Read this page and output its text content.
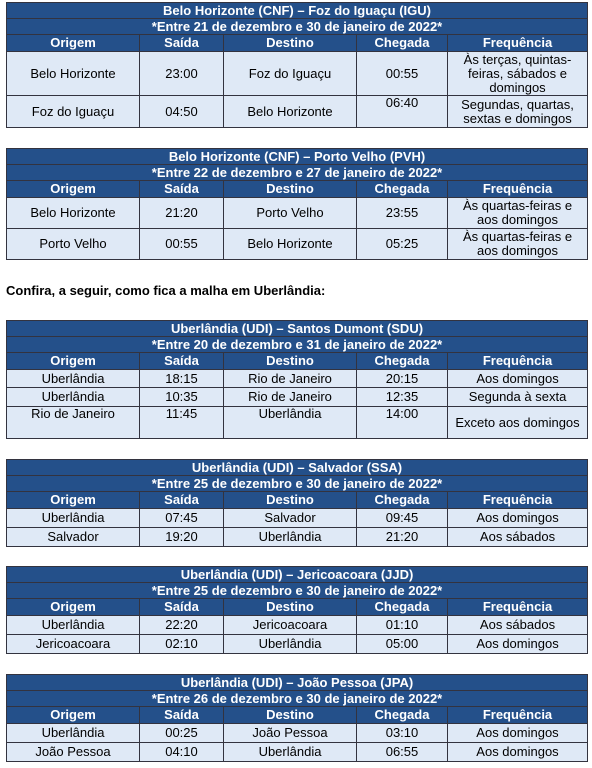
Belo Horizonte (CNF) – Foz do Iguaçu (IGU)				
*Entre 21 de dezembro e 30 de janeiro de 2022*				
Origem	Saída	Destino	Chegada	Frequência
Belo Horizonte	23:00	Foz do Iguaçu	00:55	Às terças, quintas-feiras, sábados e domingos
Foz do Iguaçu	04:50	Belo Horizonte	06:40	Segundas, quartas, sextas e domingos
Belo Horizonte (CNF) – Porto Velho (PVH)				
*Entre 22 de dezembro e 27 de janeiro de 2022*				
Origem	Saída	Destino	Chegada	Frequência
Belo Horizonte	21:20	Porto Velho	23:55	Às quartas-feiras e aos domingos
Porto Velho	00:55	Belo Horizonte	05:25	Às quartas-feiras e aos domingos
Confira, a seguir, como fica a malha em Uberlândia:
Uberlândia (UDI) – Santos Dumont (SDU)				
*Entre 20 de dezembro e 31 de janeiro de 2022*				
Origem	Saída	Destino	Chegada	Frequência
Uberlândia	18:15	Rio de Janeiro	20:15	Aos domingos
Uberlândia	10:35	Rio de Janeiro	12:35	Segunda à sexta
Rio de Janeiro	11:45	Uberlândia	14:00	Exceto aos domingos
Uberlândia (UDI) – Salvador (SSA)				
*Entre 25 de dezembro e 30 de janeiro de 2022*				
Origem	Saída	Destino	Chegada	Frequência
Uberlândia	07:45	Salvador	09:45	Aos domingos
Salvador	19:20	Uberlândia	21:20	Aos sábados
Uberlândia (UDI) – Jericoacoara (JJD)				
*Entre 25 de dezembro e 30 de janeiro de 2022*				
Origem	Saída	Destino	Chegada	Frequência
Uberlândia	22:20	Jericoacoara	01:10	Aos sábados
Jericoacoara	02:10	Uberlândia	05:00	Aos domingos
Uberlândia (UDI) – João Pessoa (JPA)				
*Entre 26 de dezembro e 30 de janeiro de 2022*				
Origem	Saída	Destino	Chegada	Frequência
Uberlândia	00:25	João Pessoa	03:10	Aos domingos
João Pessoa	04:10	Uberlândia	06:55	Aos domingos
